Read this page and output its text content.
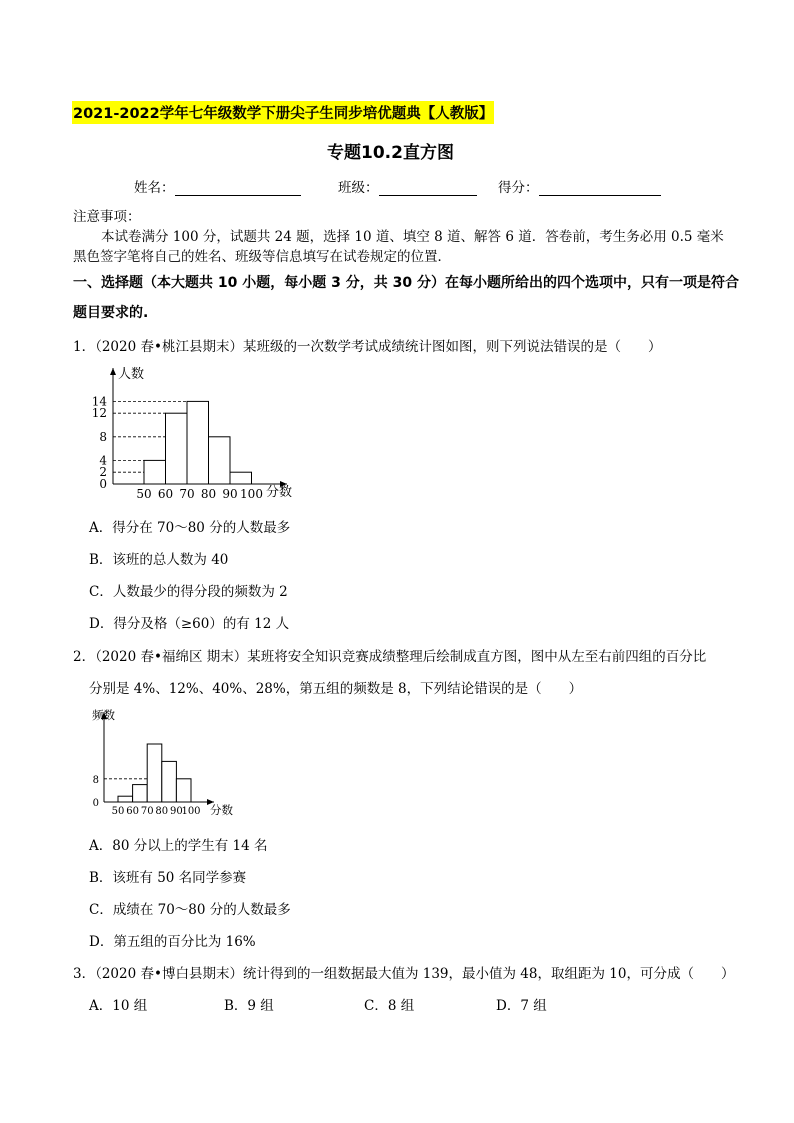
2021-2022学年七年级数学下册尖子生同步培优题典【人教版】
专题10.2直方图
姓名：	班级：	得分：
注意事项：
本试卷满分 100 分，试题共 24 题，选择 10 道、填空 8 道、解答 6 道．答卷前，考生务必用 0.5 毫米
黑色签字笔将自己的姓名、班级等信息填写在试卷规定的位置．
一、选择题（本大题共 10 小题，每小题 3 分，共 30 分）在每小题所给出的四个选项中，只有一项是符合
题目要求的.
1．（2020 春•桃江县期末）某班级的一次数学考试成绩统计图如图，则下列说法错误的是（　　）
0
2
4
8
12
14
50 60 70 80 90 100
人数
分数
A．得分在 70～80 分的人数最多
B．该班的总人数为 40
C．人数最少的得分段的频数为 2
D．得分及格（≥60）的有 12 人
2．（2020 春•福绵区 期末）某班将安全知识竞赛成绩整理后绘制成直方图，图中从左至右前四组的百分比
分别是 4%、12%、40%、28%，第五组的频数是 8，下列结论错误的是（　　）
0
8
50 60 70 80 90
100
频数
分数
A．80 分以上的学生有 14 名
B．该班有 50 名同学参赛
C．成绩在 70～80 分的人数最多
D．第五组的百分比为 16%
3．（2020 春•博白县期末）统计得到的一组数据最大值为 139，最小值为 48，取组距为 10，可分成（　　）
A．10 组	B．9 组	C．8 组	D．7 组
